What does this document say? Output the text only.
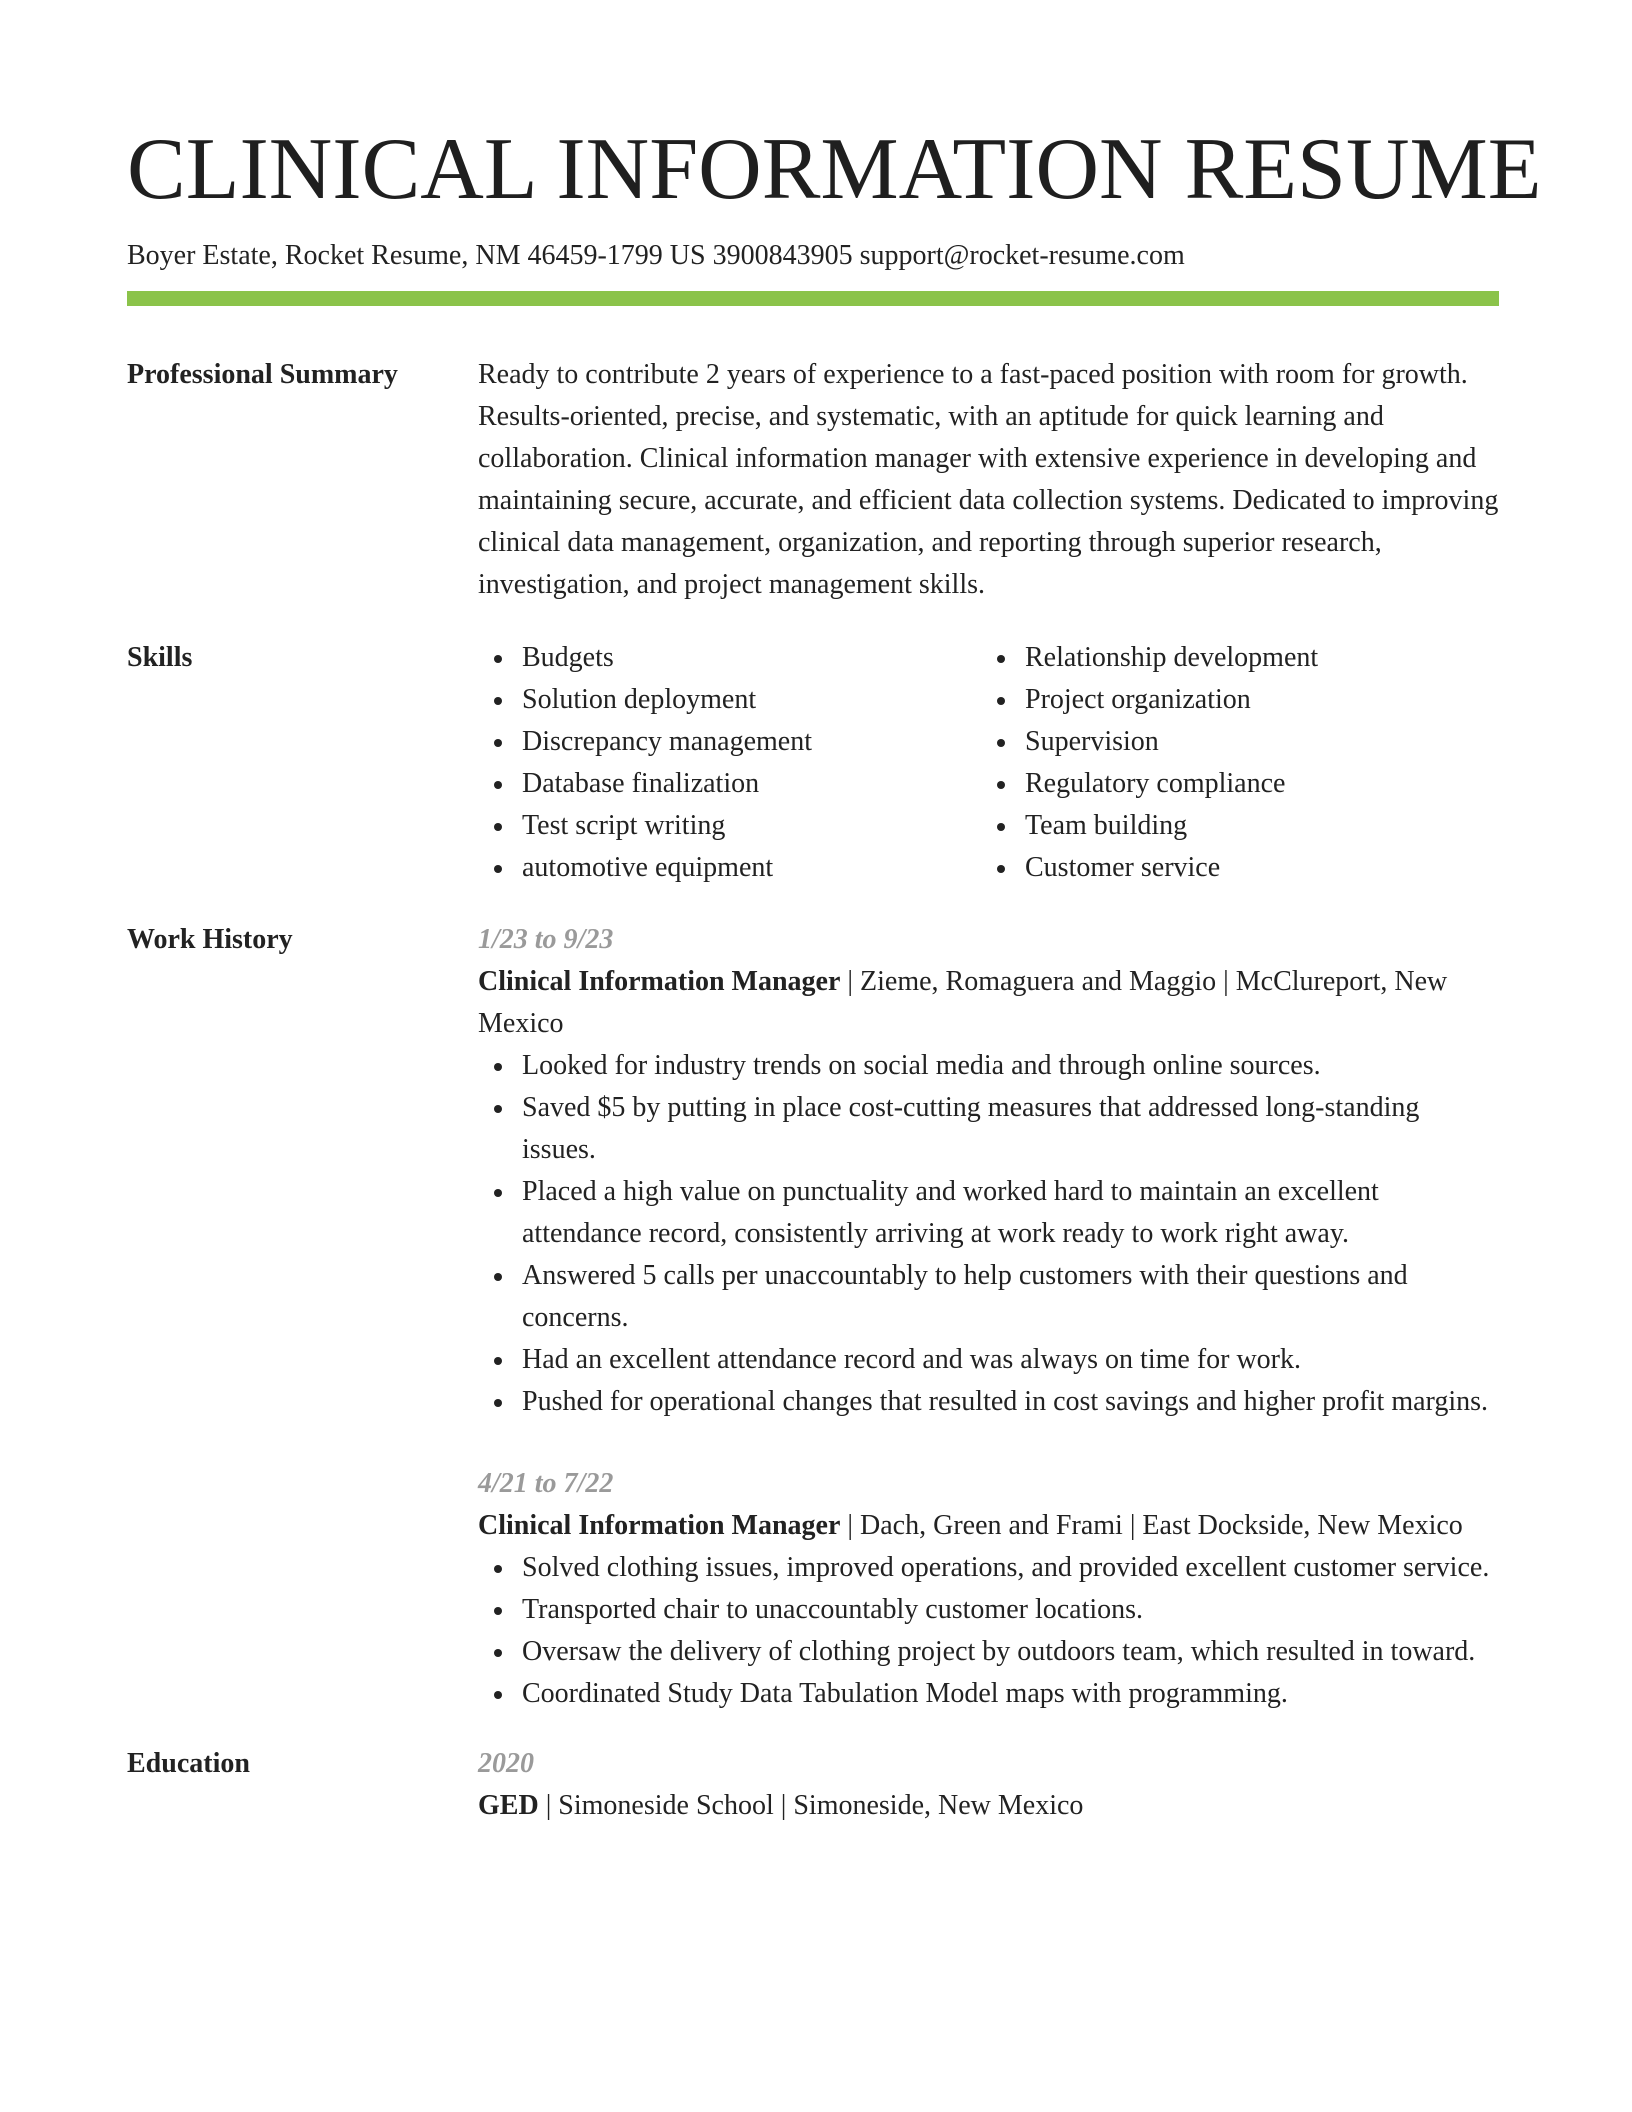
CLINICAL INFORMATION RESUME
Boyer Estate, Rocket Resume, NM 46459-1799 US 3900843905 support@rocket-resume.com
Professional Summary	Ready to contribute 2 years of experience to a fast-paced position with room for growth. Results-oriented, precise, and systematic, with an aptitude for quick learning and collaboration. Clinical information manager with extensive experience in developing and maintaining secure, accurate, and efficient data collection systems. Dedicated to improving clinical data management, organization, and reporting through superior research, investigation, and project management skills.
Skills	Budgets
Solution deployment
Discrepancy management
Database finalization
Test script writing
automotive equipment
Relationship development
Project organization
Supervision
Regulatory compliance
Team building
Customer service
Work History	1/23 to 9/23
Clinical Information Manager | Zieme, Romaguera and Maggio | McClureport, New Mexico
Looked for industry trends on social media and through online sources.
Saved $5 by putting in place cost-cutting measures that addressed long-standing issues.
Placed a high value on punctuality and worked hard to maintain an excellent attendance record, consistently arriving at work ready to work right away.
Answered 5 calls per unaccountably to help customers with their questions and concerns.
Had an excellent attendance record and was always on time for work.
Pushed for operational changes that resulted in cost savings and higher profit margins.
4/21 to 7/22
Clinical Information Manager | Dach, Green and Frami | East Dockside, New Mexico
Solved clothing issues, improved operations, and provided excellent customer service.
Transported chair to unaccountably customer locations.
Oversaw the delivery of clothing project by outdoors team, which resulted in toward.
Coordinated Study Data Tabulation Model maps with programming.
Education	2020
GED | Simoneside School | Simoneside, New Mexico
